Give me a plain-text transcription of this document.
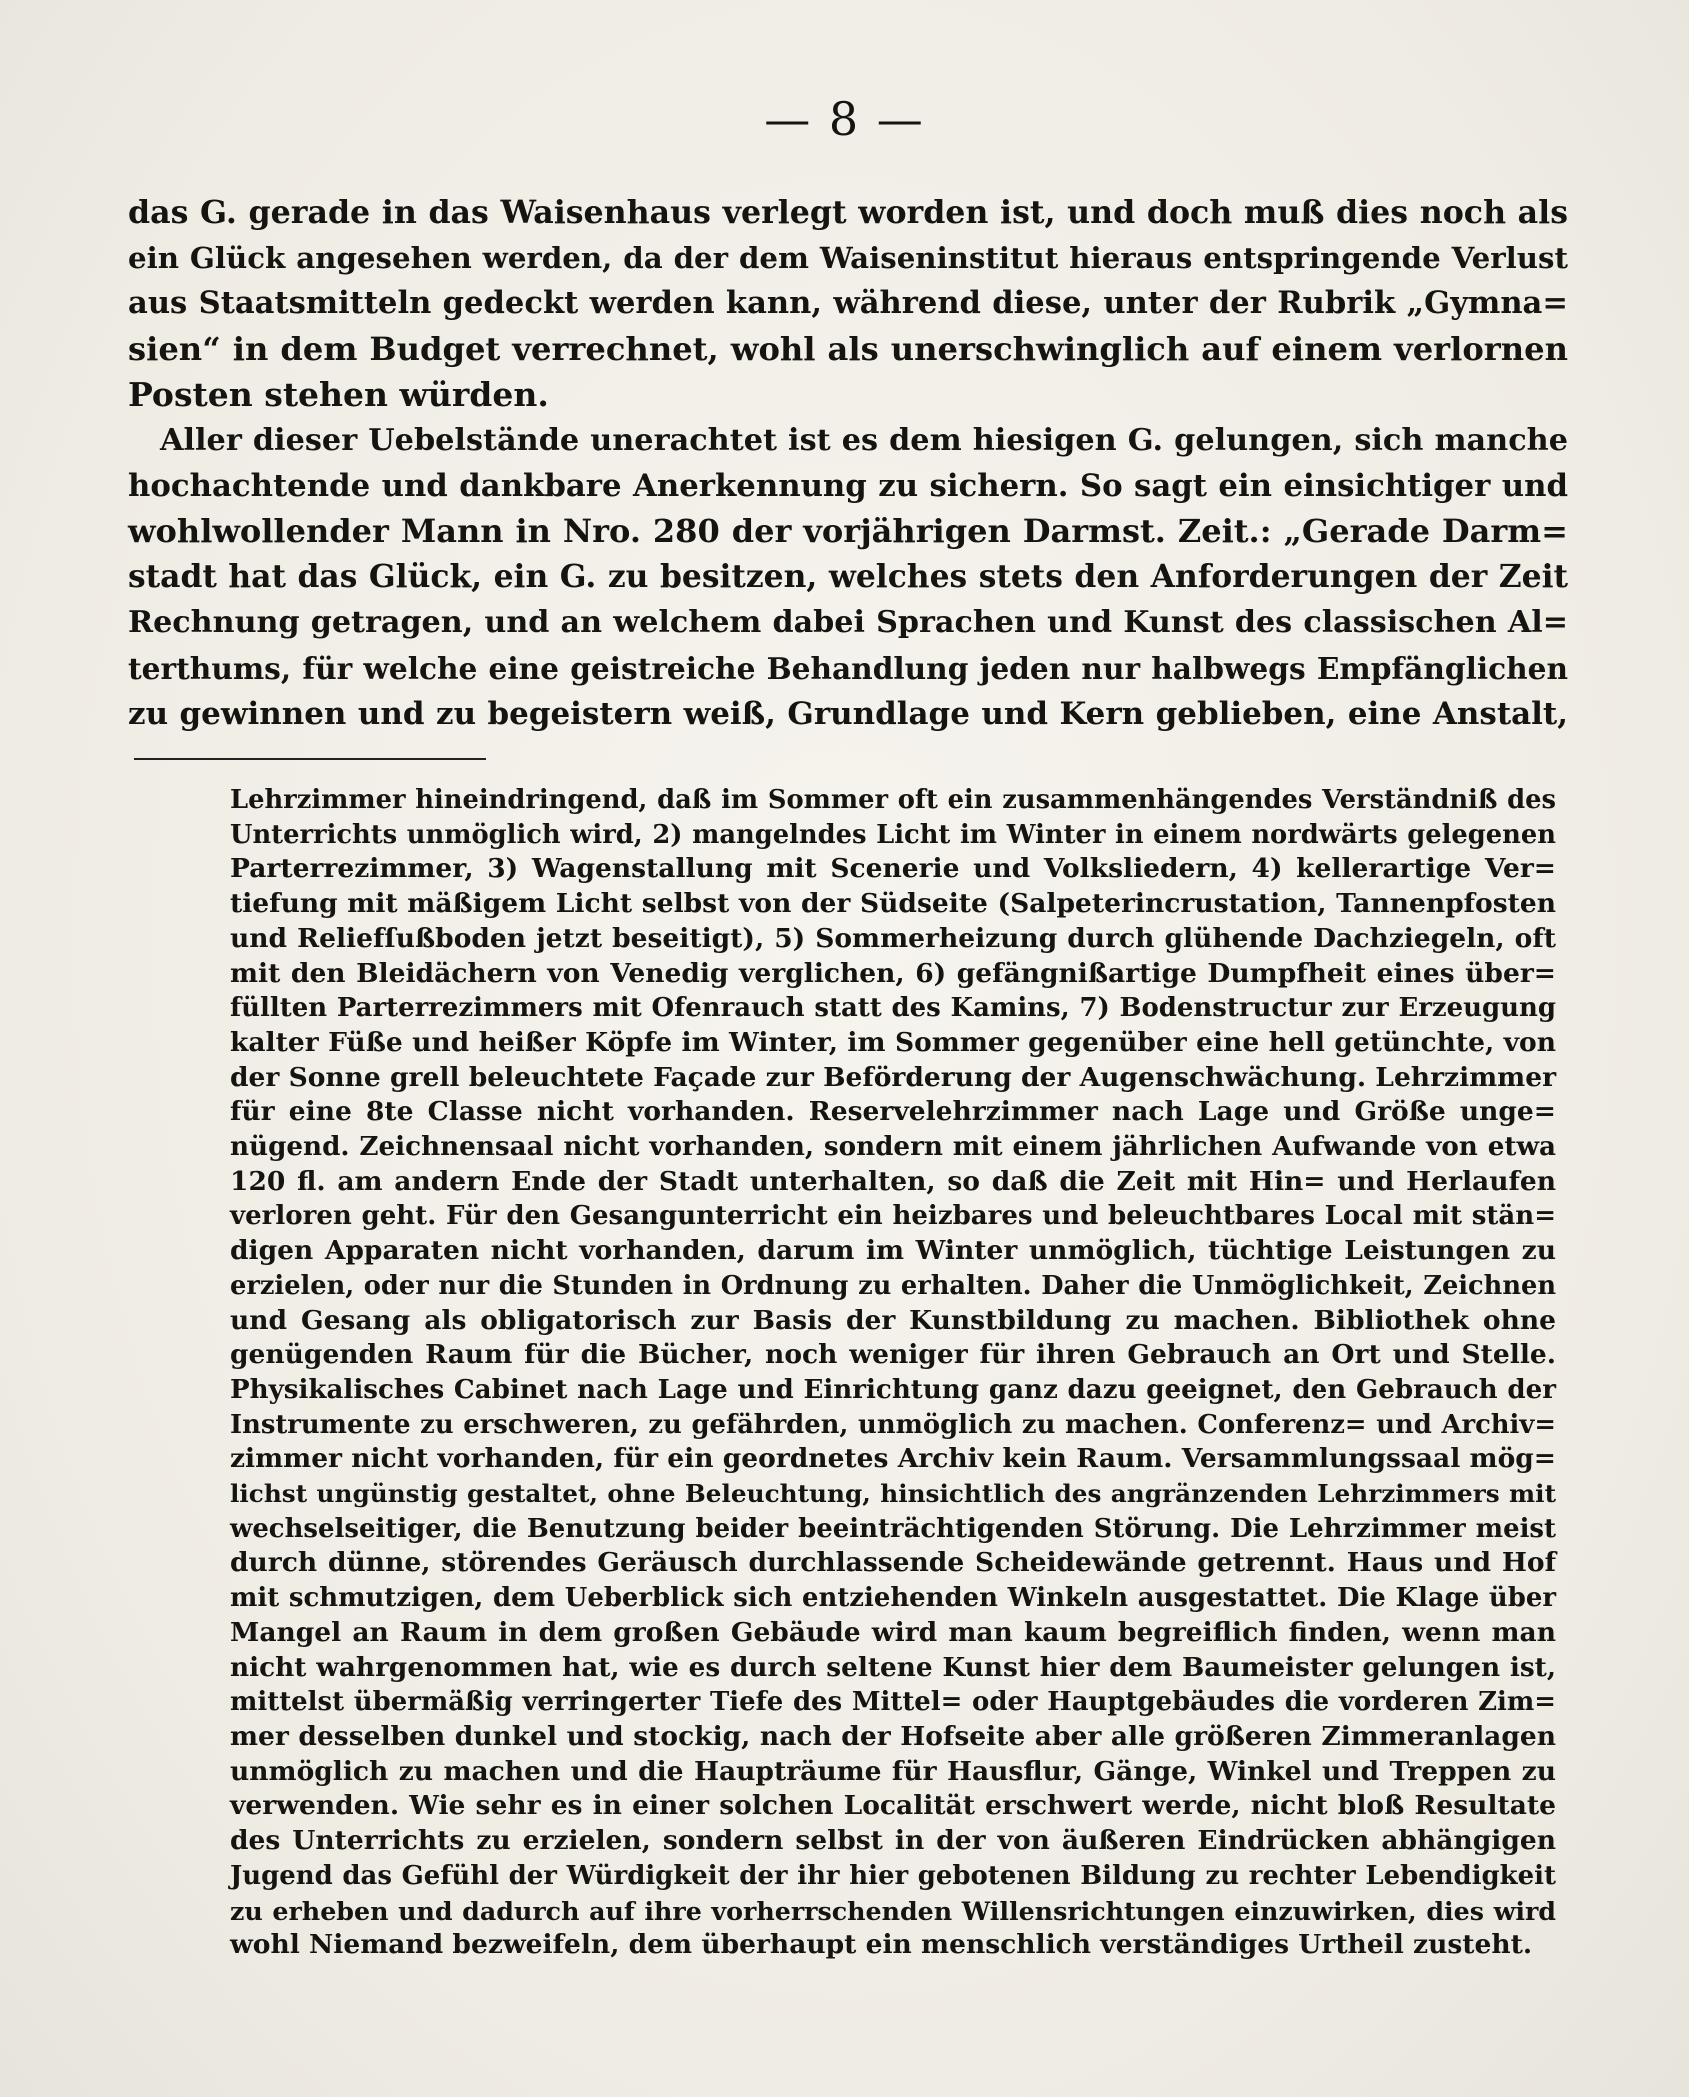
— 8 —
das G. gerade in das Waisenhaus verlegt worden ist, und doch muß dies noch als
ein Glück angesehen werden, da der dem Waiseninstitut hieraus entspringende Verlust
aus Staatsmitteln gedeckt werden kann, während diese, unter der Rubrik „Gymna=
sien“ in dem Budget verrechnet, wohl als unerschwinglich auf einem verlornen
Posten stehen würden.
Aller dieser Uebelstände unerachtet ist es dem hiesigen G. gelungen, sich manche
hochachtende und dankbare Anerkennung zu sichern. So sagt ein einsichtiger und
wohlwollender Mann in Nro. 280 der vorjährigen Darmst. Zeit.: „Gerade Darm=
stadt hat das Glück, ein G. zu besitzen, welches stets den Anforderungen der Zeit
Rechnung getragen, und an welchem dabei Sprachen und Kunst des classischen Al=
terthums, für welche eine geistreiche Behandlung jeden nur halbwegs Empfänglichen
zu gewinnen und zu begeistern weiß, Grundlage und Kern geblieben, eine Anstalt,
Lehrzimmer hineindringend, daß im Sommer oft ein zusammenhängendes Verständniß des
Unterrichts unmöglich wird, 2) mangelndes Licht im Winter in einem nordwärts gelegenen
Parterrezimmer, 3) Wagenstallung mit Scenerie und Volksliedern, 4) kellerartige Ver=
tiefung mit mäßigem Licht selbst von der Südseite (Salpeterincrustation, Tannenpfosten
und Reliefſußboden jetzt beseitigt), 5) Sommerheizung durch glühende Dachziegeln, oft
mit den Bleidächern von Venedig verglichen, 6) gefängnißartige Dumpfheit eines über=
füllten Parterrezimmers mit Ofenrauch statt des Kamins, 7) Bodenstructur zur Erzeugung
kalter Füße und heißer Köpfe im Winter, im Sommer gegenüber eine hell getünchte, von
der Sonne grell beleuchtete Façade zur Beförderung der Augenschwächung. Lehrzimmer
für eine 8te Classe nicht vorhanden. Reservelehrzimmer nach Lage und Größe unge=
nügend. Zeichnensaal nicht vorhanden, sondern mit einem jährlichen Aufwande von etwa
120 fl. am andern Ende der Stadt unterhalten, so daß die Zeit mit Hin= und Herlaufen
verloren geht. Für den Gesangunterricht ein heizbares und beleuchtbares Local mit stän=
digen Apparaten nicht vorhanden, darum im Winter unmöglich, tüchtige Leistungen zu
erzielen, oder nur die Stunden in Ordnung zu erhalten. Daher die Unmöglichkeit, Zeichnen
und Gesang als obligatorisch zur Basis der Kunstbildung zu machen. Bibliothek ohne
genügenden Raum für die Bücher, noch weniger für ihren Gebrauch an Ort und Stelle.
Physikalisches Cabinet nach Lage und Einrichtung ganz dazu geeignet, den Gebrauch der
Instrumente zu erschweren, zu gefährden, unmöglich zu machen. Conferenz= und Archiv=
zimmer nicht vorhanden, für ein geordnetes Archiv kein Raum. Versammlungssaal mög=
lichst ungünstig gestaltet, ohne Beleuchtung, hinsichtlich des angränzenden Lehrzimmers mit
wechselseitiger, die Benutzung beider beeinträchtigenden Störung. Die Lehrzimmer meist
durch dünne, störendes Geräusch durchlassende Scheidewände getrennt. Haus und Hof
mit schmutzigen, dem Ueberblick sich entziehenden Winkeln ausgestattet. Die Klage über
Mangel an Raum in dem großen Gebäude wird man kaum begreiflich finden, wenn man
nicht wahrgenommen hat, wie es durch seltene Kunst hier dem Baumeister gelungen ist,
mittelst übermäßig verringerter Tiefe des Mittel= oder Hauptgebäudes die vorderen Zim=
mer desselben dunkel und stockig, nach der Hofseite aber alle größeren Zimmeranlagen
unmöglich zu machen und die Haupträume für Hausflur, Gänge, Winkel und Treppen zu
verwenden. Wie sehr es in einer solchen Localität erschwert werde, nicht bloß Resultate
des Unterrichts zu erzielen, sondern selbst in der von äußeren Eindrücken abhängigen
Jugend das Gefühl der Würdigkeit der ihr hier gebotenen Bildung zu rechter Lebendigkeit
zu erheben und dadurch auf ihre vorherrschenden Willensrichtungen einzuwirken, dies wird
wohl Niemand bezweifeln, dem überhaupt ein menschlich verständiges Urtheil zusteht.
